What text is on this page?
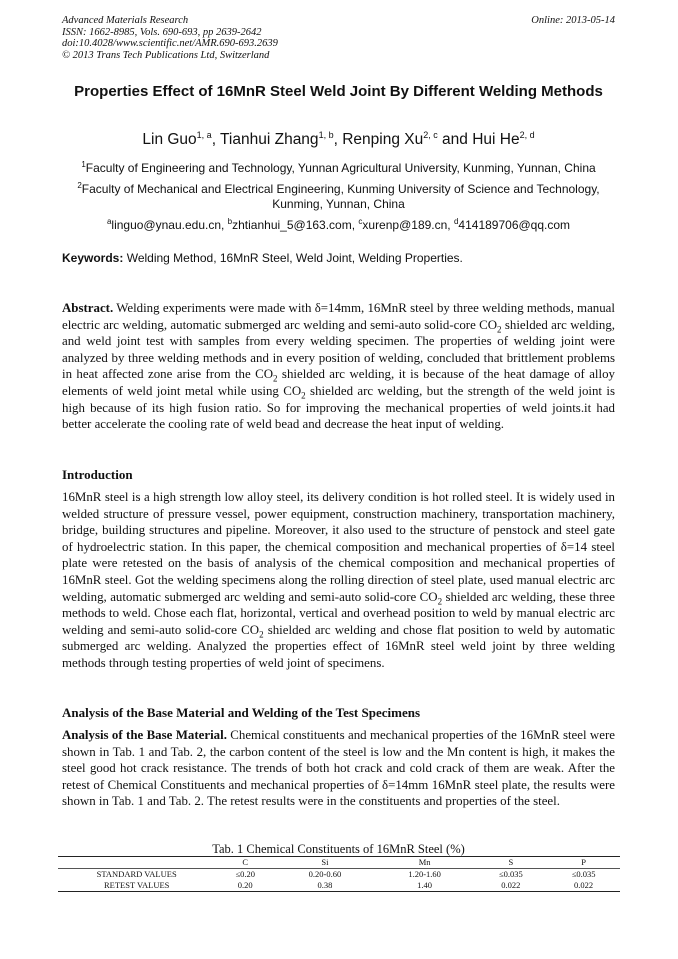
Advanced Materials Research
ISSN: 1662-8985, Vols. 690-693, pp 2639-2642
doi:10.4028/www.scientific.net/AMR.690-693.2639
© 2013 Trans Tech Publications Ltd, Switzerland
Online: 2013-05-14
Properties Effect of 16MnR Steel Weld Joint By Different Welding Methods
Lin Guo$^{1, a}$, Tianhui Zhang$^{1, b}$, Renping Xu$^{2, c}$ and Hui He$^{2, d}$
$^1$Faculty of Engineering and Technology, Yunnan Agricultural University, Kunming, Yunnan, China
$^2$Faculty of Mechanical and Electrical Engineering, Kunming University of Science and Technology, Kunming, Yunnan, China
$^a$linguo@ynau.edu.cn, $^b$zhtianhui_5@163.com, $^c$xurenp@189.cn, $^d$414189706@qq.com
Keywords: Welding Method, 16MnR Steel, Weld Joint, Welding Properties.
Abstract. Welding experiments were made with δ=14mm, 16MnR steel by three welding methods, manual electric arc welding, automatic submerged arc welding and semi-auto solid-core $CO_2$ shielded arc welding, and weld joint test with samples from every welding specimen. The properties of welding joint were analyzed by three welding methods and in every position of welding, concluded that brittlement problems in heat affected zone arise from the $CO_2$ shielded arc welding, it is because of the heat damage of alloy elements of weld joint metal while using $CO_2$ shielded arc welding, but the strength of the weld joint is high because of its high fusion ratio. So for improving the mechanical properties of weld joints.it had better accelerate the cooling rate of weld bead and decrease the heat input of welding.
Introduction
16MnR steel is a high strength low alloy steel, its delivery condition is hot rolled steel. It is widely used in welded structure of pressure vessel, power equipment, construction machinery, transportation machinery, bridge, building structures and pipeline. Moreover, it also used to the structure of penstock and steel gate of hydroelectric station. In this paper, the chemical composition and mechanical properties of δ=14 steel plate were retested on the basis of analysis of the chemical composition and mechanical properties of 16MnR steel. Got the welding specimens along the rolling direction of steel plate, used manual electric arc welding, automatic submerged arc welding and semi-auto solid-core $CO_2$ shielded arc welding, these three methods to weld. Chose each flat, horizontal, vertical and overhead position to weld by manual electric arc welding and semi-auto solid-core $CO_2$ shielded arc welding and chose flat position to weld by automatic submerged arc welding. Analyzed the properties effect of 16MnR steel weld joint by three welding methods through testing properties of weld joint of specimens.
Analysis of the Base Material and Welding of the Test Specimens
Analysis of the Base Material. Chemical constituents and mechanical properties of the 16MnR steel were shown in Tab. 1 and Tab. 2, the carbon content of the steel is low and the Mn content is high, it makes the steel good hot crack resistance. The trends of both hot crack and cold crack of them are weak. After the retest of Chemical Constituents and mechanical properties of δ=14mm 16MnR steel plate, the results were shown in Tab. 1 and Tab. 2. The retest results were in the constituents and properties of the steel.
Tab. 1 Chemical Constituents of 16MnR Steel (%)
	C	Si	Mn	S	P
STANDARD VALUES	≤0.20	0.20-0.60	1.20-1.60	≤0.035	≤0.035
RETEST VALUES	0.20	0.38	1.40	0.022	0.022
